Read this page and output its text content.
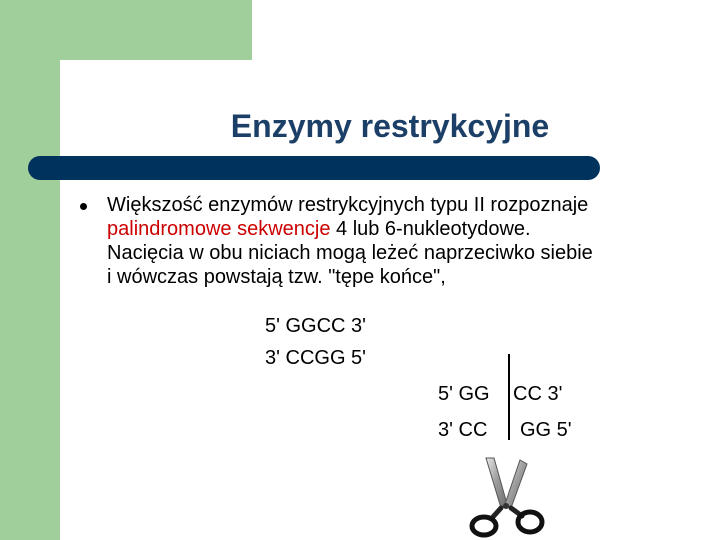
Enzymy restrykcyjne

Większość enzymów restrykcyjnych typu II rozpoznaje

palindromowe sekwencje 4 lub 6-nukleotydowe.

Nacięcia w obu niciach mogą leżeć naprzeciwko siebie

i wówczas powstają tzw. "tępe końce",

5' GGCC 3'
3' CCGG 5'
5' GG CC 3'
3' CC GG 5'
